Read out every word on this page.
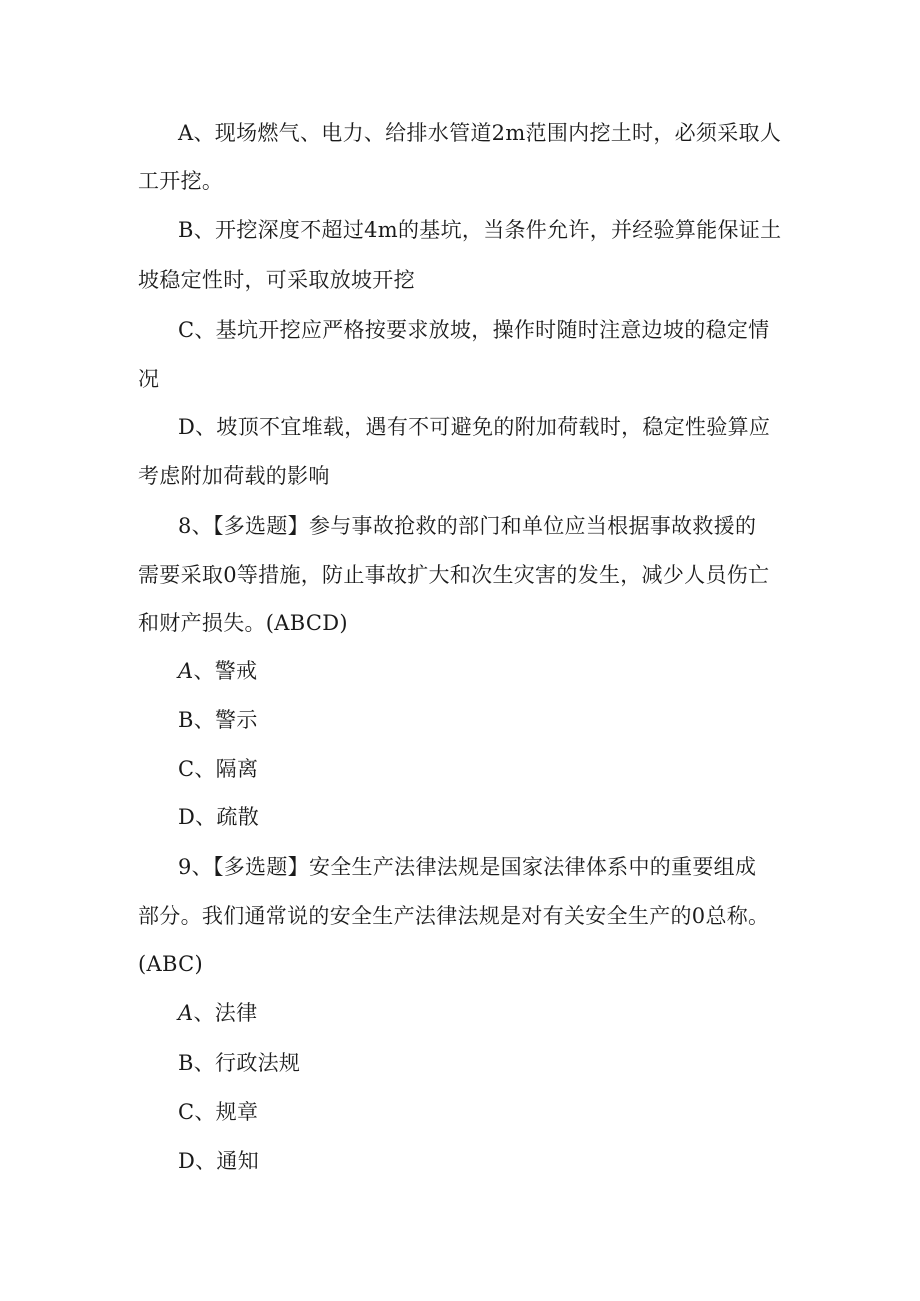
A、现场燃气、电力、给排水管道2m范围内挖土时，必须采取人
工开挖。
B、开挖深度不超过4m的基坑，当条件允许，并经验算能保证土
坡稳定性时，可采取放坡开挖
C、基坑开挖应严格按要求放坡，操作时随时注意边坡的稳定情
况
D、坡顶不宜堆载，遇有不可避免的附加荷载时，稳定性验算应
考虑附加荷载的影响
8、【多选题】参与事故抢救的部门和单位应当根据事故救援的
需要采取0等措施，防止事故扩大和次生灾害的发生，减少人员伤亡
和财产损失。(ABCD)
A、警戒
B、警示
C、隔离
D、疏散
9、【多选题】安全生产法律法规是国家法律体系中的重要组成
部分。我们通常说的安全生产法律法规是对有关安全生产的0总称。
(ABC)
A、法律
B、行政法规
C、规章
D、通知
